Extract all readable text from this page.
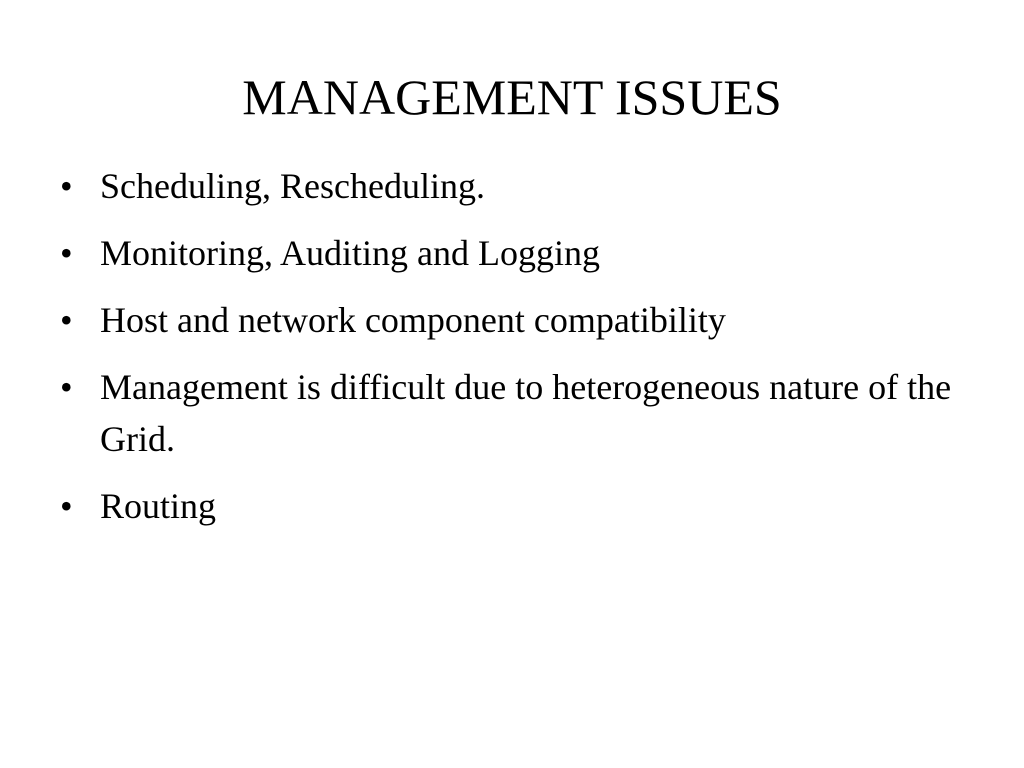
MANAGEMENT ISSUES
• Scheduling, Rescheduling.
• Monitoring, Auditing and Logging
• Host and network component compatibility
• Management is difficult due to heterogeneous nature of the Grid.
• Routing
